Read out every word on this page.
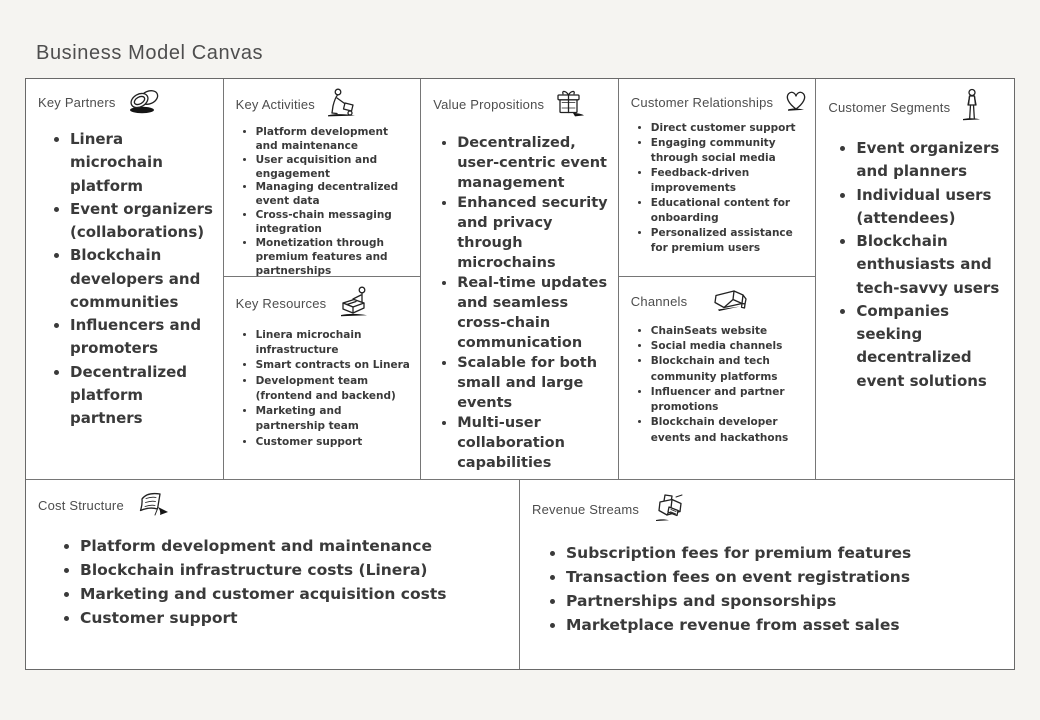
Business Model Canvas
Key Partners
• Linera microchain platform
• Event organizers (collaborations)
• Blockchain developers and communities
• Influencers and promoters
• Decentralized platform partners
Key Activities
• Platform development and maintenance
• User acquisition and engagement
• Managing decentralized event data
• Cross-chain messaging integration
• Monetization through premium features and partnerships
Key Resources
• Linera microchain infrastructure
• Smart contracts on Linera
• Development team (frontend and backend)
• Marketing and partnership team
• Customer support
Value Propositions
• Decentralized, user-centric event management
• Enhanced security and privacy through microchains
• Real-time updates and seamless cross-chain communication
• Scalable for both small and large events
• Multi-user collaboration capabilities
Customer Relationships
• Direct customer support
• Engaging community through social media
• Feedback-driven improvements
• Educational content for onboarding
• Personalized assistance for premium users
Channels
• ChainSeats website
• Social media channels
• Blockchain and tech community platforms
• Influencer and partner promotions
• Blockchain developer events and hackathons
Customer Segments
• Event organizers and planners
• Individual users (attendees)
• Blockchain enthusiasts and tech-savvy users
• Companies seeking decentralized event solutions
Cost Structure
• Platform development and maintenance
• Blockchain infrastructure costs (Linera)
• Marketing and customer acquisition costs
• Customer support
Revenue Streams
• Subscription fees for premium features
• Transaction fees on event registrations
• Partnerships and sponsorships
• Marketplace revenue from asset sales
